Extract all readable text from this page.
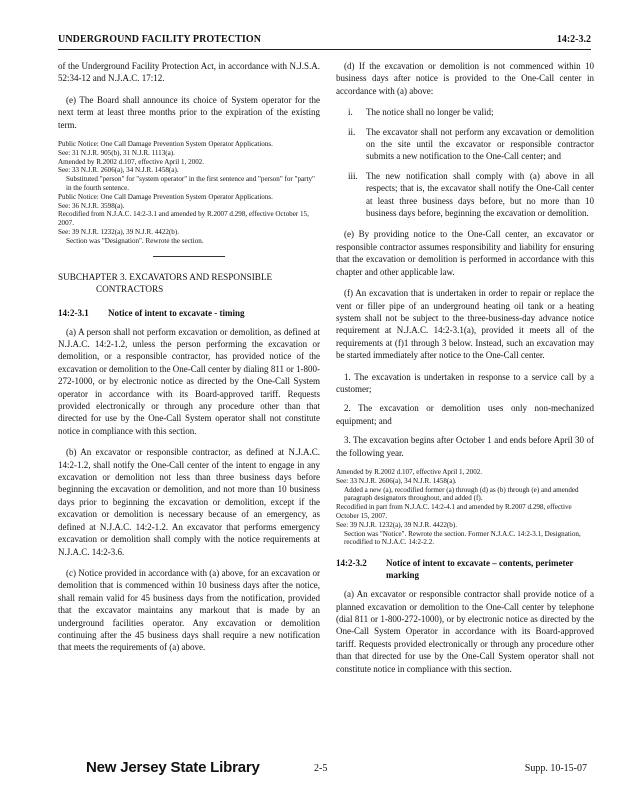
UNDERGROUND FACILITY PROTECTION	14:2-3.2

of the Underground Facility Protection Act, in accordance with N.J.S.A. 52:34-12 and N.J.A.C. 17:12.

(e) The Board shall announce its choice of System operator for the next term at least three months prior to the expiration of the existing term.

Public Notice: One Call Damage Prevention System Operator Applications.
See: 31 N.J.R. 905(b), 31 N.J.R. 1113(a).
Amended by R.2002 d.107, effective April 1, 2002.
See: 33 N.J.R. 2606(a), 34 N.J.R. 1458(a).
Substituted "person" for "system operator" in the first sentence and "person" for "party" in the fourth sentence.
Public Notice: One Call Damage Prevention System Operator Applications.
See: 36 N.J.R. 3598(a).
Recodified from N.J.A.C. 14:2-3.1 and amended by R.2007 d.298, effective October 15, 2007.
See: 39 N.J.R. 1232(a), 39 N.J.R. 4422(b).
Section was "Designation". Rewrote the section.
SUBCHAPTER 3. EXCAVATORS AND RESPONSIBLE
CONTRACTORS
14:2-3.1	Notice of intent to excavate - timing

(a) A person shall not perform excavation or demolition, as defined at N.J.A.C. 14:2-1.2, unless the person performing the excavation or demolition, or a responsible contractor, has provided notice of the excavation or demolition to the One-Call center by dialing 811 or 1-800-272-1000, or by electronic notice as directed by the One-Call System operator in accordance with its Board-approved tariff. Requests provided electronically or through any procedure other than that directed for use by the One-Call System operator shall not constitute notice in compliance with this section.

(b) An excavator or responsible contractor, as defined at N.J.A.C. 14:2-1.2, shall notify the One-Call center of the intent to engage in any excavation or demolition not less than three business days before beginning the excavation or demolition, and not more than 10 business days prior to beginning the excavation or demolition, except if the excavation or demolition is necessary because of an emergency, as defined at N.J.A.C. 14:2-1.2. An excavator that performs emergency excavation or demolition shall comply with the notice requirements at N.J.A.C. 14:2-3.6.

(c) Notice provided in accordance with (a) above, for an excavation or demolition that is commenced within 10 business days after the notice, shall remain valid for 45 business days from the notification, provided that the excavator maintains any markout that is made by an underground facilities operator. Any excavation or demolition continuing after the 45 business days shall require a new notification that meets the requirements of (a) above.

(d) If the excavation or demolition is not commenced within 10 business days after notice is provided to the One-Call center in accordance with (a) above:

i.	The notice shall no longer be valid;
ii.	The excavator shall not perform any excavation or demolition on the site until the excavator or responsible contractor submits a new notification to the One-Call center; and
iii. The new notification shall comply with (a) above in all respects; that is, the excavator shall notify the One-Call center at least three business days before, but no more than 10 business days before, beginning the excavation or demolition.

(e) By providing notice to the One-Call center, an excavator or responsible contractor assumes responsibility and liability for ensuring that the excavation or demolition is performed in accordance with this chapter and other applicable law.

(f) An excavation that is undertaken in order to repair or replace the vent or filler pipe of an underground heating oil tank or a heating system shall not be subject to the three-business-day advance notice requirement at N.J.A.C. 14:2-3.1(a), provided it meets all of the requirements at (f)1 through 3 below. Instead, such an excavation may be started immediately after notice to the One-Call center.

1. The excavation is undertaken in response to a service call by a customer;
2. The excavation or demolition uses only non-mechanized equipment; and
3. The excavation begins after October 1 and ends before April 30 of the following year.
Amended by R.2002 d.107, effective April 1, 2002.
See: 33 N.J.R. 2606(a), 34 N.J.R. 1458(a).
Added a new (a), recodified former (a) through (d) as (b) through (e) and amended paragraph designators throughout, and added (f).
Recodified in part from N.J.A.C. 14:2-4.1 and amended by R.2007 d.298, effective October 15, 2007.
See: 39 N.J.R. 1232(a), 39 N.J.R. 4422(b).
Section was "Notice". Rewrote the section. Former N.J.A.C. 14:2-3.1, Designation, recodified to N.J.A.C. 14:2-2.2.
14:2-3.2	Notice of intent to excavate – contents, perimeter marking

(a) An excavator or responsible contractor shall provide notice of a planned excavation or demolition to the One-Call center by telephone (dial 811 or 1-800-272-1000), or by electronic notice as directed by the One-Call System Operator in accordance with its Board-approved tariff. Requests provided electronically or through any procedure other than that directed for use by the One-Call System operator shall not constitute notice in compliance with this section.

New Jersey State Library	2-5	Supp. 10-15-07
